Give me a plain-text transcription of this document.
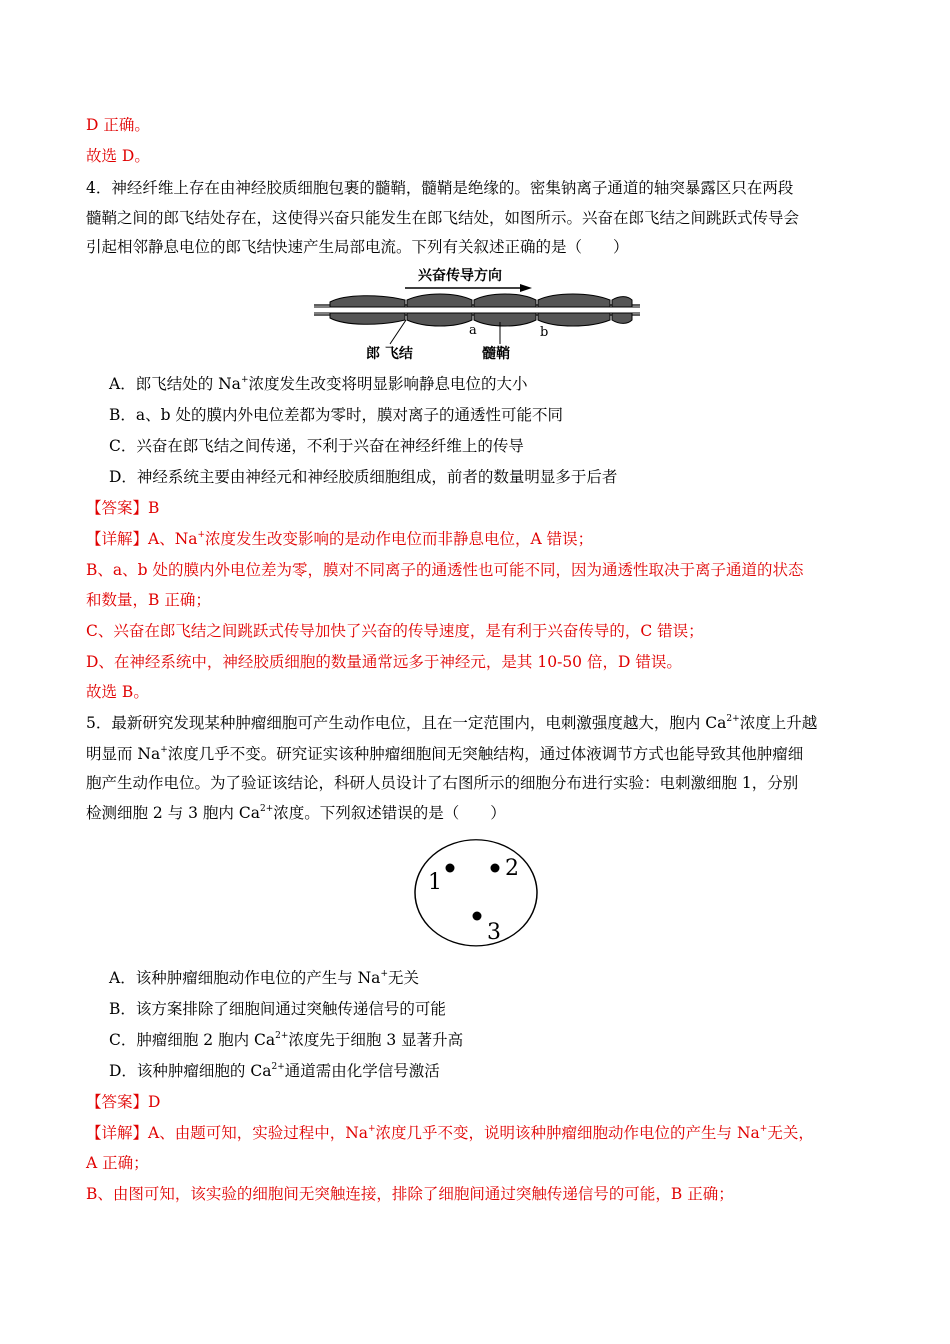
D 正确。
故选 D。
4．神经纤维上存在由神经胶质细胞包裹的髓鞘，髓鞘是绝缘的。密集钠离子通道的轴突暴露区只在两段
髓鞘之间的郎飞结处存在，这使得兴奋只能发生在郎飞结处，如图所示。兴奋在郎飞结之间跳跃式传导会
引起相邻静息电位的郎飞结快速产生局部电流。下列有关叙述正确的是（　　）
兴奋传导方向
a	b
郎 飞结	髓鞘
A．郎飞结处的 Na+浓度发生改变将明显影响静息电位的大小
B．a、b 处的膜内外电位差都为零时，膜对离子的通透性可能不同
C．兴奋在郎飞结之间传递，不利于兴奋在神经纤维上的传导
D．神经系统主要由神经元和神经胶质细胞组成，前者的数量明显多于后者
【答案】B
【详解】A、Na+浓度发生改变影响的是动作电位而非静息电位，A 错误；
B、a、b 处的膜内外电位差为零，膜对不同离子的通透性也可能不同，因为通透性取决于离子通道的状态
和数量，B 正确；
C、兴奋在郎飞结之间跳跃式传导加快了兴奋的传导速度，是有利于兴奋传导的，C 错误；
D、在神经系统中，神经胶质细胞的数量通常远多于神经元，是其 10-50 倍，D 错误。
故选 B。
5．最新研究发现某种肿瘤细胞可产生动作电位，且在一定范围内，电刺激强度越大，胞内 $Ca^{2+}$浓度上升越
明显而 Na+浓度几乎不变。研究证实该种肿瘤细胞间无突触结构，通过体液调节方式也能导致其他肿瘤细
胞产生动作电位。为了验证该结论，科研人员设计了右图所示的细胞分布进行实验：电刺激细胞 1，分别
检测细胞 2 与 3 胞内 $Ca^{2+}$浓度。下列叙述错误的是（　　）
1
2
3
A．该种肿瘤细胞动作电位的产生与 Na+无关
B．该方案排除了细胞间通过突触传递信号的可能
C．肿瘤细胞 2 胞内 $Ca^{2+}$浓度先于细胞 3 显著升高
D．该种肿瘤细胞的 $Ca^{2+}$通道需由化学信号激活
【答案】D
【详解】A、由题可知，实验过程中，Na+浓度几乎不变，说明该种肿瘤细胞动作电位的产生与 Na+无关，
A 正确；
B、由图可知，该实验的细胞间无突触连接，排除了细胞间通过突触传递信号的可能，B 正确；
